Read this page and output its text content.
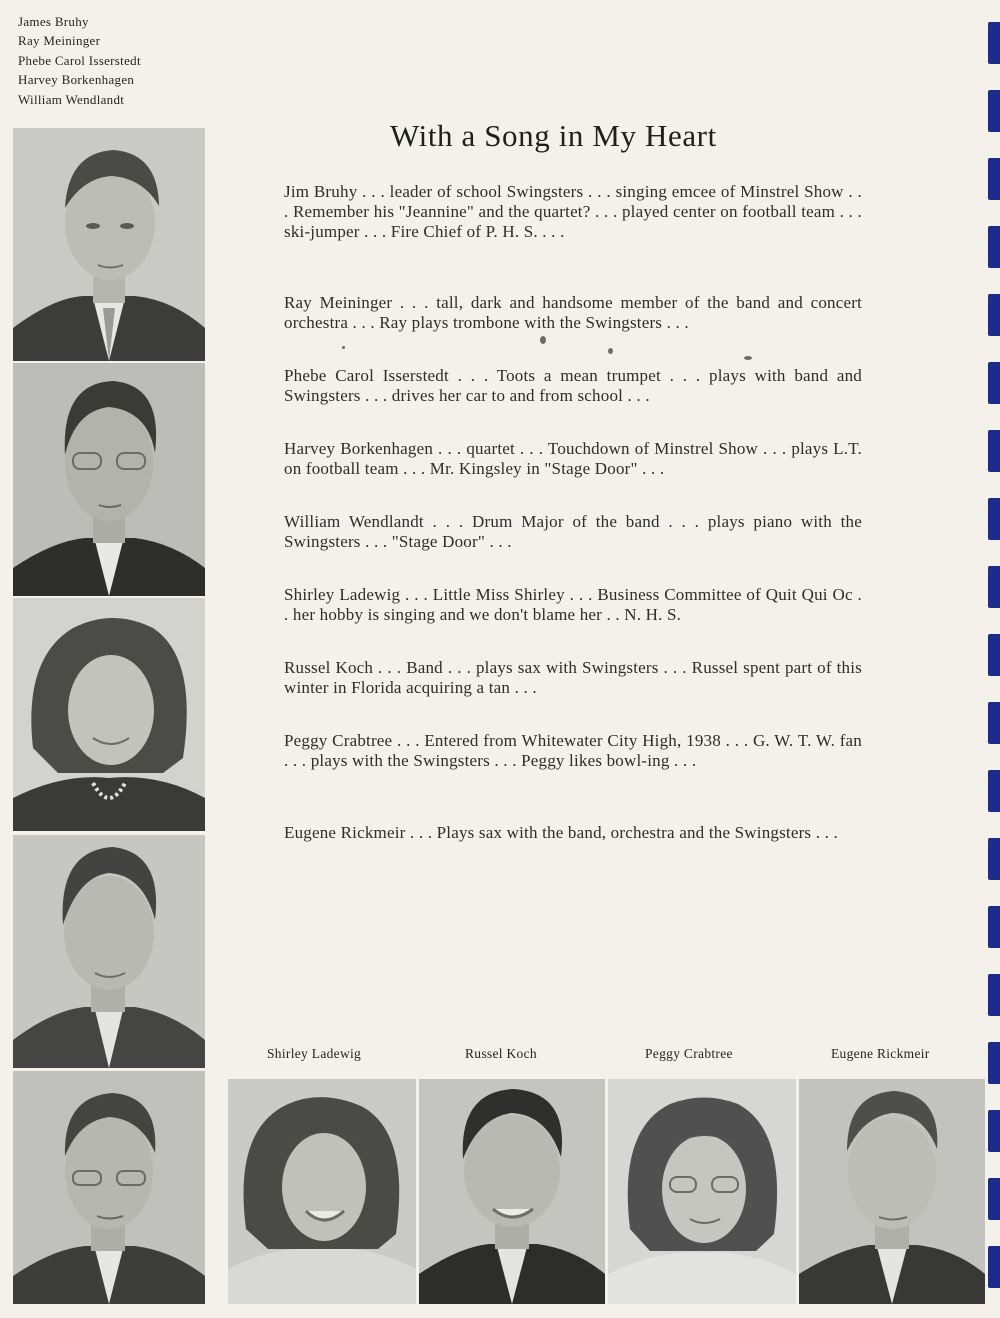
James Bruhy
Ray Meininger
Phebe Carol Isserstedt
Harvey Borkenhagen
William Wendlandt
With a Song in My Heart
Jim Bruhy . . . leader of school Swingsters . . . singing emcee of Minstrel Show . . . Remember his "Jeannine" and the quartet? . . . played center on football team . . . ski-jumper . . . Fire Chief of P. H. S. . . .
Ray Meininger . . . tall, dark and handsome member of the band and concert orchestra . . . Ray plays trombone with the Swingsters . . .
Phebe Carol Isserstedt . . . Toots a mean trumpet . . . plays with band and Swingsters . . . drives her car to and from school . . .
Harvey Borkenhagen . . . quartet . . . Touchdown of Minstrel Show . . . plays L.T. on football team . . . Mr. Kingsley in "Stage Door" . . .
William Wendlandt . . . Drum Major of the band . . . plays piano with the Swingsters . . . "Stage Door" . . .
Shirley Ladewig . . . Little Miss Shirley . . . Business Committee of Quit Qui Oc . . her hobby is singing and we don't blame her . . N. H. S.
Russel Koch . . . Band . . . plays sax with Swingsters . . . Russel spent part of this winter in Florida acquiring a tan . . .
Peggy Crabtree . . . Entered from Whitewater City High, 1938 . . . G. W. T. W. fan . . . plays with the Swingsters . . . Peggy likes bowl-ing . . .
Eugene Rickmeir . . . Plays sax with the band, orchestra and the Swingsters . . .
Shirley Ladewig	Russel Koch	Peggy Crabtree	Eugene Rickmeir
